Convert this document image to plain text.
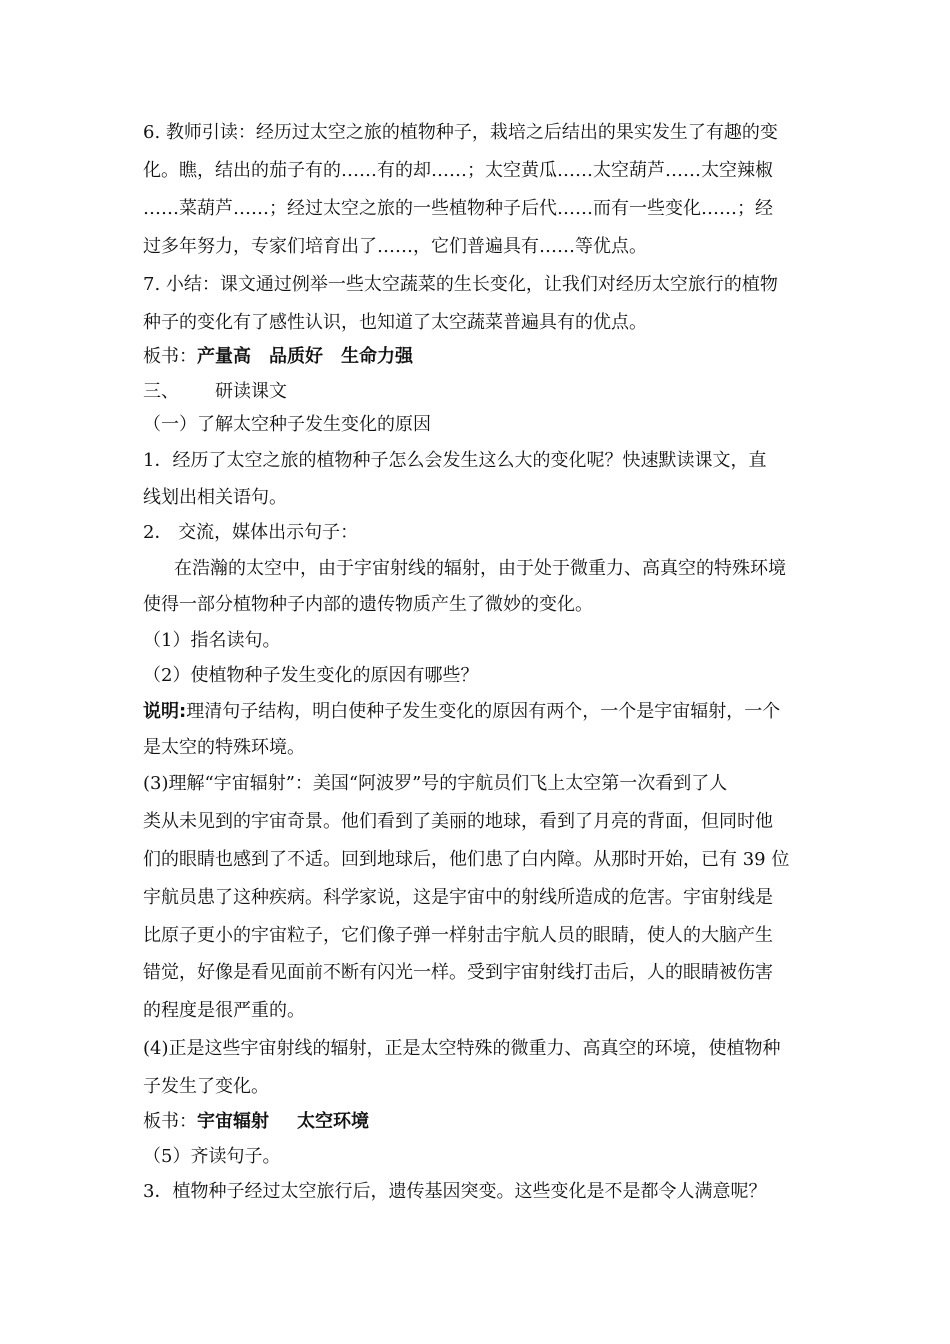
6. 教师引读：经历过太空之旅的植物种子，栽培之后结出的果实发生了有趣的变
化。瞧，结出的茄子有的……有的却……；太空黄瓜……太空葫芦……太空辣椒
……菜葫芦……；经过太空之旅的一些植物种子后代……而有一些变化……；经
过多年努力，专家们培育出了……，它们普遍具有……等优点。
7. 小结：课文通过例举一些太空蔬菜的生长变化，让我们对经历太空旅行的植物
种子的变化有了感性认识，也知道了太空蔬菜普遍具有的优点。
板书：产量高 品质好 生命力强
三、 研读课文
（一）了解太空种子发生变化的原因
1．经历了太空之旅的植物种子怎么会发生这么大的变化呢？快速默读课文，直
线划出相关语句。
2． 交流，媒体出示句子：
在浩瀚的太空中，由于宇宙射线的辐射，由于处于微重力、高真空的特殊环境
使得一部分植物种子内部的遗传物质产生了微妙的变化。
（1）指名读句。
（2）使植物种子发生变化的原因有哪些？
说明:理清句子结构，明白使种子发生变化的原因有两个，一个是宇宙辐射，一个
是太空的特殊环境。
(3)理解“宇宙辐射”：美国“阿波罗”号的宇航员们飞上太空第一次看到了人
类从未见到的宇宙奇景。他们看到了美丽的地球，看到了月亮的背面，但同时他
们的眼睛也感到了不适。回到地球后，他们患了白内障。从那时开始，已有 39 位
宇航员患了这种疾病。科学家说，这是宇宙中的射线所造成的危害。宇宙射线是
比原子更小的宇宙粒子，它们像子弹一样射击宇航人员的眼睛，使人的大脑产生
错觉，好像是看见面前不断有闪光一样。受到宇宙射线打击后，人的眼睛被伤害
的程度是很严重的。
(4)正是这些宇宙射线的辐射，正是太空特殊的微重力、高真空的环境，使植物种
子发生了变化。
板书：宇宙辐射 太空环境
（5）齐读句子。
3．植物种子经过太空旅行后，遗传基因突变。这些变化是不是都令人满意呢？
